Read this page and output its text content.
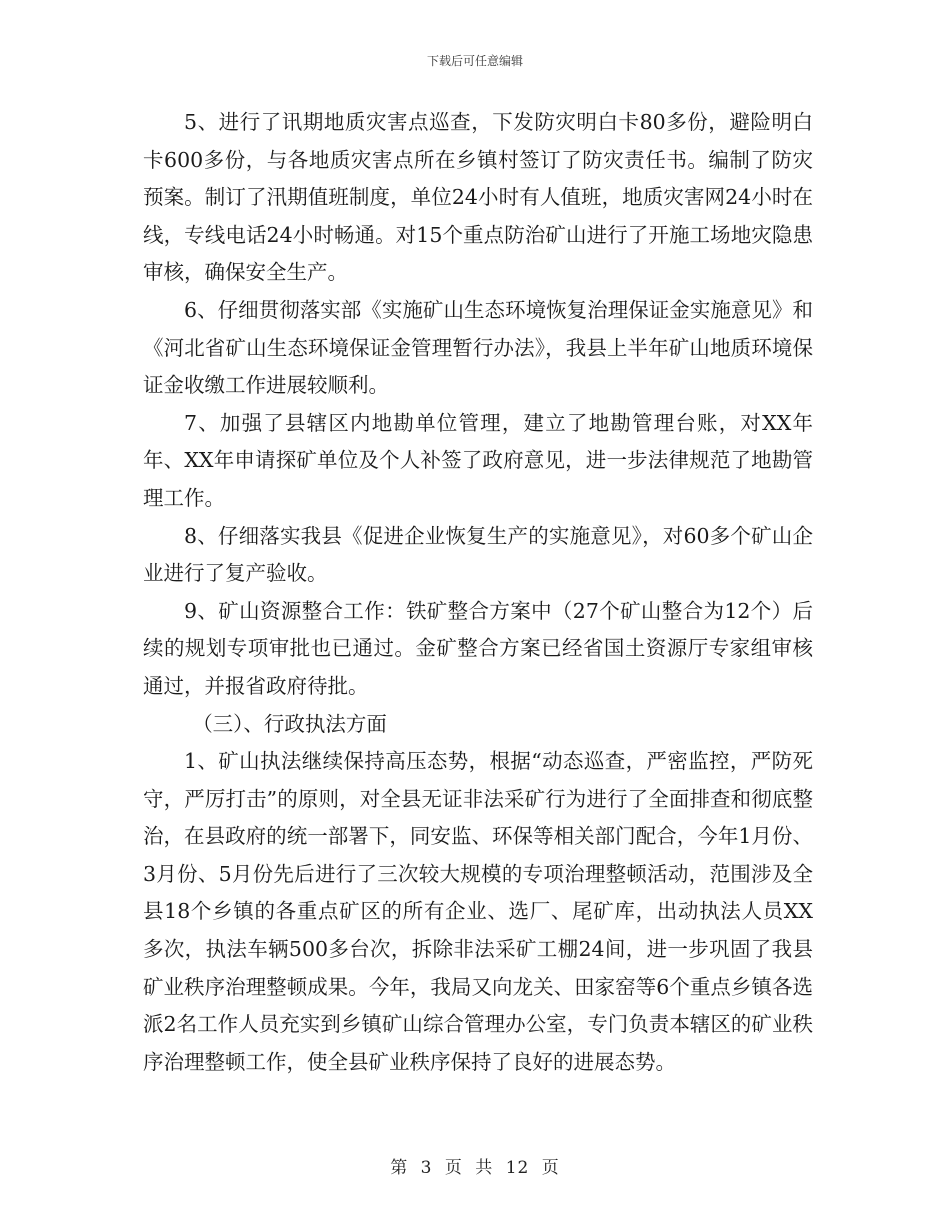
下载后可任意编辑

5、进行了讯期地质灾害点巡查，下发防灾明白卡80多份，避险明白卡600多份，与各地质灾害点所在乡镇村签订了防灾责任书。编制了防灾预案。制订了汛期值班制度，单位24小时有人值班，地质灾害网24小时在线，专线电话24小时畅通。对15个重点防治矿山进行了开施工场地灾隐患审核，确保安全生产。

6、仔细贯彻落实部《实施矿山生态环境恢复治理保证金实施意见》和《河北省矿山生态环境保证金管理暂行办法》，我县上半年矿山地质环境保证金收缴工作进展较顺利。

7、加强了县辖区内地勘单位管理，建立了地勘管理台账，对XX年年、XX年申请探矿单位及个人补签了政府意见，进一步法律规范了地勘管理工作。

8、仔细落实我县《促进企业恢复生产的实施意见》，对60多个矿山企业进行了复产验收。

9、矿山资源整合工作：铁矿整合方案中（27个矿山整合为12个）后续的规划专项审批也已通过。金矿整合方案已经省国土资源厅专家组审核通过，并报省政府待批。

（三）、行政执法方面

1、矿山执法继续保持高压态势，根据“动态巡查，严密监控，严防死守，严厉打击”的原则，对全县无证非法采矿行为进行了全面排查和彻底整治，在县政府的统一部署下，同安监、环保等相关部门配合，今年1月份、3月份、5月份先后进行了三次较大规模的专项治理整顿活动，范围涉及全县18个乡镇的各重点矿区的所有企业、选厂、尾矿库，出动执法人员XX多次，执法车辆500多台次，拆除非法采矿工棚24间，进一步巩固了我县矿业秩序治理整顿成果。今年，我局又向龙关、田家窑等6个重点乡镇各选派2名工作人员充实到乡镇矿山综合管理办公室，专门负责本辖区的矿业秩序治理整顿工作，使全县矿业秩序保持了良好的进展态势。

第 3 页 共 12 页
